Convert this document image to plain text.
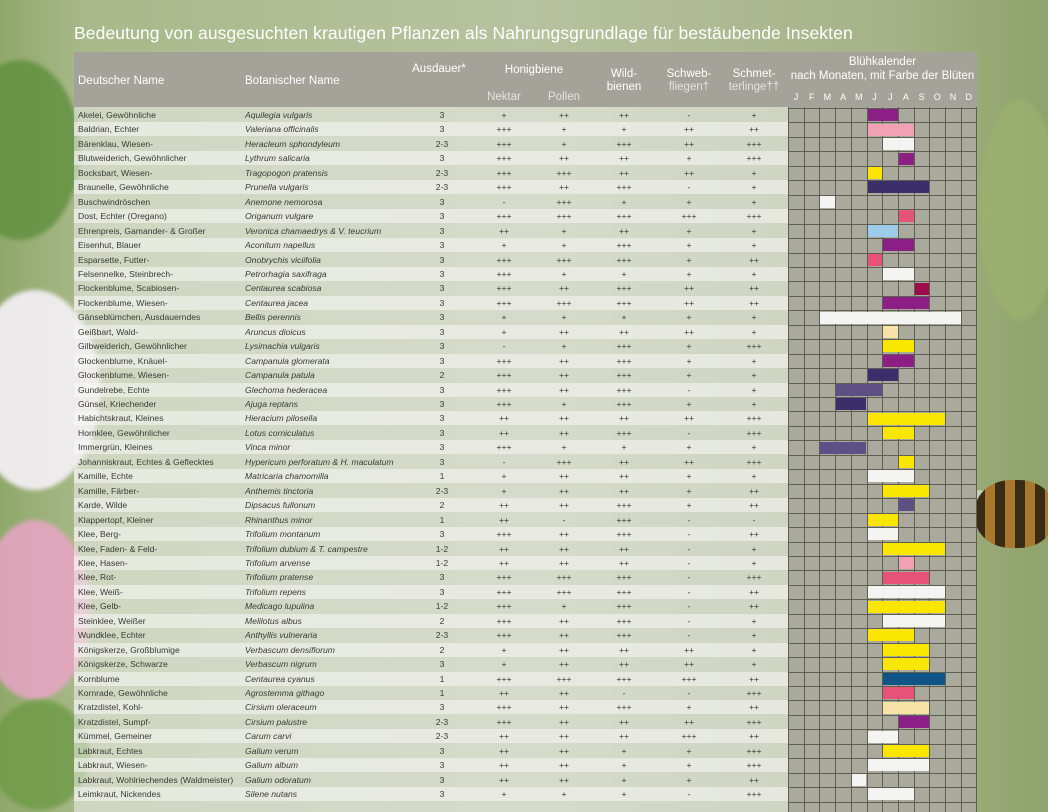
Bedeutung von ausgesuchten krautigen Pflanzen als Nahrungsgrundlage für bestäubende Insekten
Deutscher Name	Botanischer Name
Ausdauer*	Honigbiene
Nektar	Pollen
Wild-
bienen
Schweb-
fliegen†
Schmet-
terlinge††
Blühkalender
nach Monaten, mit Farbe der Blüten
J	F	M A M	J	J	A	S	O N	D
Akelei, Gewöhnliche	Aquilegia vulgaris	3	+	++	++	-	+
Baldrian, Echter	Valeriana officinalis	3	+++	+	+	++	++
Bärenklau, Wiesen-	Heracleum sphondyleum	2-3	+++	+	+++	++	+++
Blutweiderich, Gewöhnlicher	Lythrum salicaria	3	+++	++	++	+	+++
Bocksbart, Wiesen-	Tragopogon pratensis	2-3	+++	+++	++	++	+
Braunelle, Gewöhnliche	Prunella vulgaris	2-3	+++	++	+++	-	+
Buschwindröschen	Anemone nemorosa	3	-	+++	+	+	+
Dost, Echter (Oregano)	Origanum vulgare	3	+++	+++	+++	+++	+++
Ehrenpreis, Gamander- & Großer	Veronica chamaedrys & V. teucrium	3	++	+	++	+	+
Eisenhut, Blauer	Aconitum napellus	3	+	+	+++	+	+
Esparsette, Futter-	Onobrychis viciifolia	3	+++	+++	+++	+	++
Felsennelke, Steinbrech-	Petrorhagia saxifraga	3	+++	+	+	+	+
Flockenblume, Scabiosen-	Centaurea scabiosa	3	+++	++	+++	++	++
Flockenblume, Wiesen-	Centaurea jacea	3	+++	+++	+++	++	++
Gänseblümchen, Ausdauerndes	Bellis perennis	3	+	+	+	+	+
Geißbart, Wald-	Aruncus dioicus	3	+	++	++	++	+
Gilbweiderich, Gewöhnlicher	Lysimachia vulgaris	3	-	+	+++	+	+++
Glockenblume, Knäuel-	Campanula glomerata	3	+++	++	+++	+	+
Glockenblume, Wiesen-	Campanula patula	2	+++	++	+++	+	+
Gundelrebe, Echte	Glechoma hederacea	3	+++	++	+++	-	+
Günsel, Kriechender	Ajuga reptans	3	+++	+	+++	+	+
Habichtskraut, Kleines	Hieracium pilosella	3	++	++	++	++	+++
Hornklee, Gewöhnlicher	Lotus corniculatus	3	++	++	+++	-	+++
Immergrün, Kleines	Vinca minor	3	+++	+	+	+	+
Johanniskraut, Echtes & Geflecktes	Hypericum perforatum & H. maculatum	3	-	+++	++	++	+++
Kamille, Echte	Matricaria chamomilla	1	+	++	++	+	+
Kamille, Färber-	Anthemis tinctoria	2-3	+	++	++	+	++
Karde, Wilde	Dipsacus fullonum	2	++	++	+++	+	++
Klappertopf, Kleiner	Rhinanthus minor	1	++	-	+++	-	-
Klee, Berg-	Trifolium montanum	3	+++	++	+++	-	++
Klee, Faden- & Feld-	Trifolium dubium & T. campestre	1-2	++	++	++	-	+
Klee, Hasen-	Trifolium arvense	1-2	++	++	++	-	+
Klee, Rot-	Trifolium pratense	3	+++	+++	+++	-	+++
Klee, Weiß-	Trifolium repens	3	+++	+++	+++	-	++
Klee, Gelb-	Medicago lupulina	1-2	+++	+	+++	-	++
Steinklee, Weißer	Melilotus albus	2	+++	++	+++	-	+
Wundklee, Echter	Anthyllis vulneraria	2-3	+++	++	+++	-	+
Königskerze, Großblumige	Verbascum densiflorum	2	+	++	++	++	+
Königskerze, Schwarze	Verbascum nigrum	3	+	++	++	++	+
Kornblume	Centaurea cyanus	1	+++	+++	+++	+++	++
Kornrade, Gewöhnliche	Agrostemma githago	1	++	++	-	-	+++
Kratzdistel, Kohl-	Cirsium oleraceum	3	+++	++	+++	+	++
Kratzdistel, Sumpf-	Cirsium palustre	2-3	+++	++	++	++	+++
Kümmel, Gemeiner	Carum carvi	2-3	++	++	++	+++	++
Labkraut, Echtes	Galium verum	3	++	++	+	+	+++
Labkraut, Wiesen-	Galium album	3	++	++	+	+	+++
Labkraut, Wohlriechendes (Waldmeister)	Galium odoratum	3	++	++	+	+	++
Leimkraut, Nickendes	Silene nutans	3	+	+	+	-	+++
